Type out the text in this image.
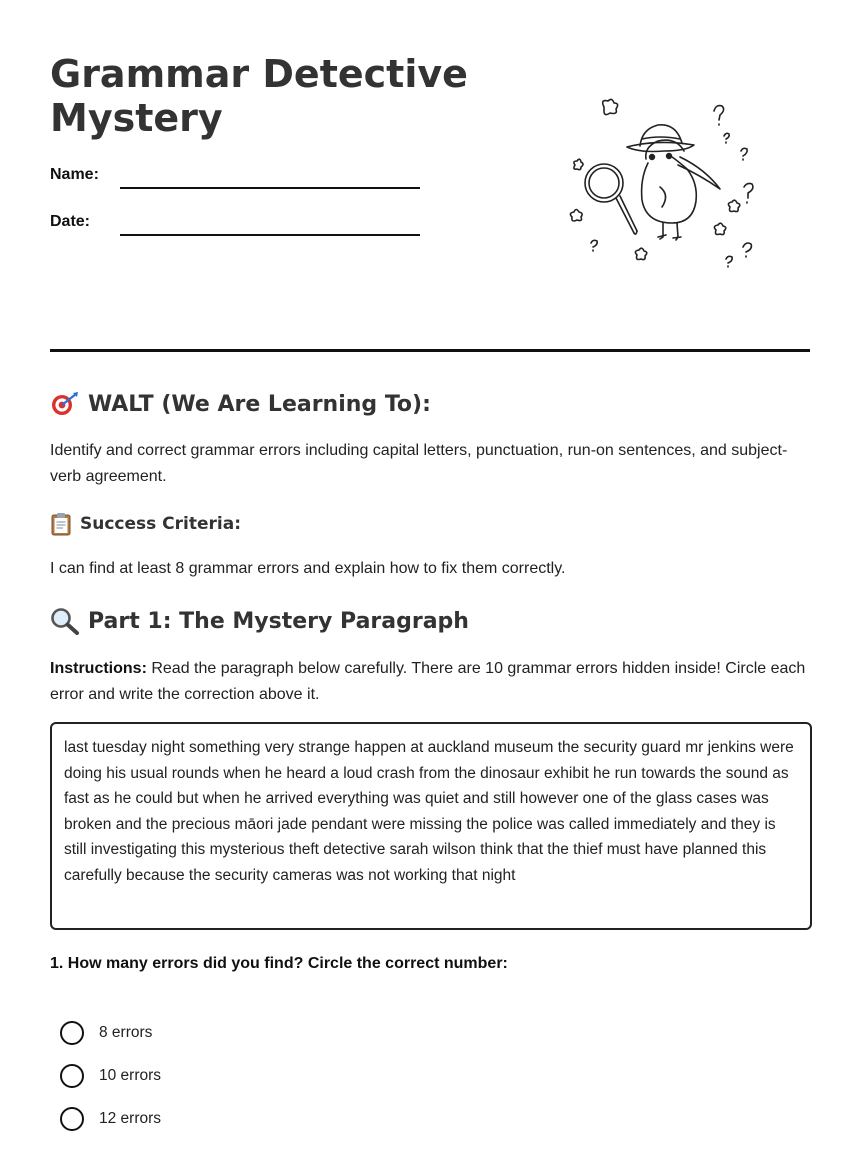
Grammar Detective
Mystery
Name:
Date:
WALT (We Are Learning To):

Identify and correct grammar errors including capital letters, punctuation, run-on sentences, and subject-verb agreement.

Success Criteria:

I can find at least 8 grammar errors and explain how to fix them correctly.

Part 1: The Mystery Paragraph

Instructions: Read the paragraph below carefully. There are 10 grammar errors hidden inside! Circle each error and write the correction above it.

last tuesday night something very strange happen at auckland museum the security guard mr jenkins were doing his usual rounds when he heard a loud crash from the dinosaur exhibit he run towards the sound as fast as he could but when he arrived everything was quiet and still however one of the glass cases was broken and the precious māori jade pendant were missing the police was called immediately and they is still investigating this mysterious theft detective sarah wilson think that the thief must have planned this carefully because the security cameras was not working that night
1. How many errors did you find? Circle the correct number:
8 errors
10 errors
12 errors
